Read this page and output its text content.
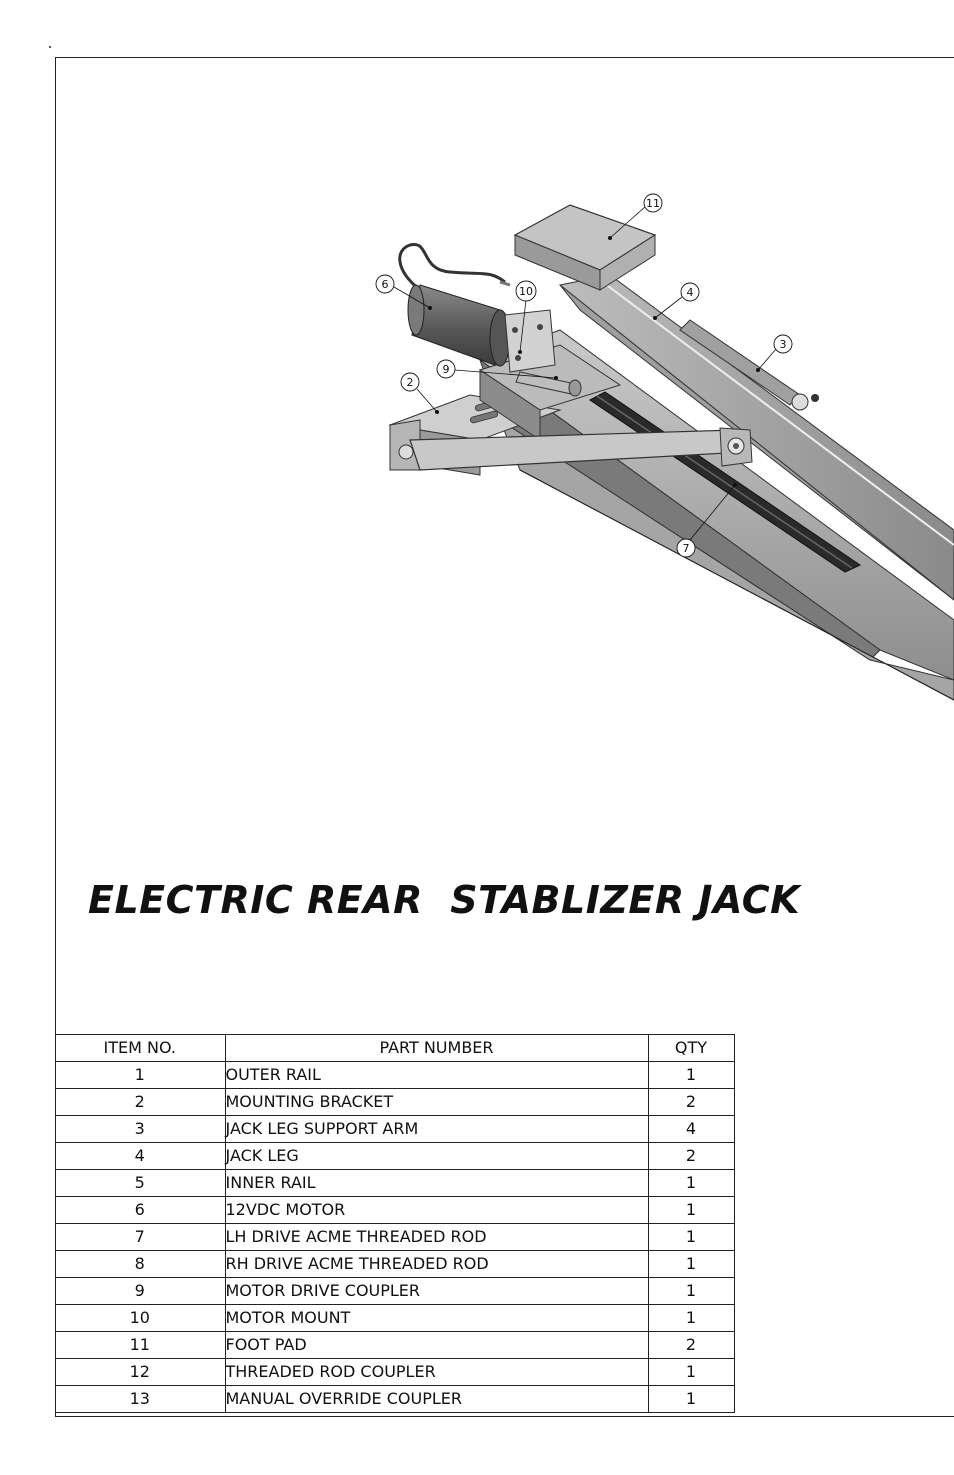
11
6
10	4
3
9
2
7
ELECTRIC REAR  STABLIZER JACK
ITEM NO.	PART NUMBER	QTY
1	OUTER RAIL	1
2	MOUNTING BRACKET	2
3	JACK LEG SUPPORT ARM	4
4	JACK LEG	2
5	INNER RAIL	1
6	12VDC MOTOR	1
7	LH DRIVE ACME THREADED ROD	1
8	RH DRIVE ACME THREADED ROD	1
9	MOTOR DRIVE COUPLER	1
10	MOTOR MOUNT	1
11	FOOT PAD	2
12	THREADED ROD COUPLER	1
13	MANUAL OVERRIDE COUPLER	1
